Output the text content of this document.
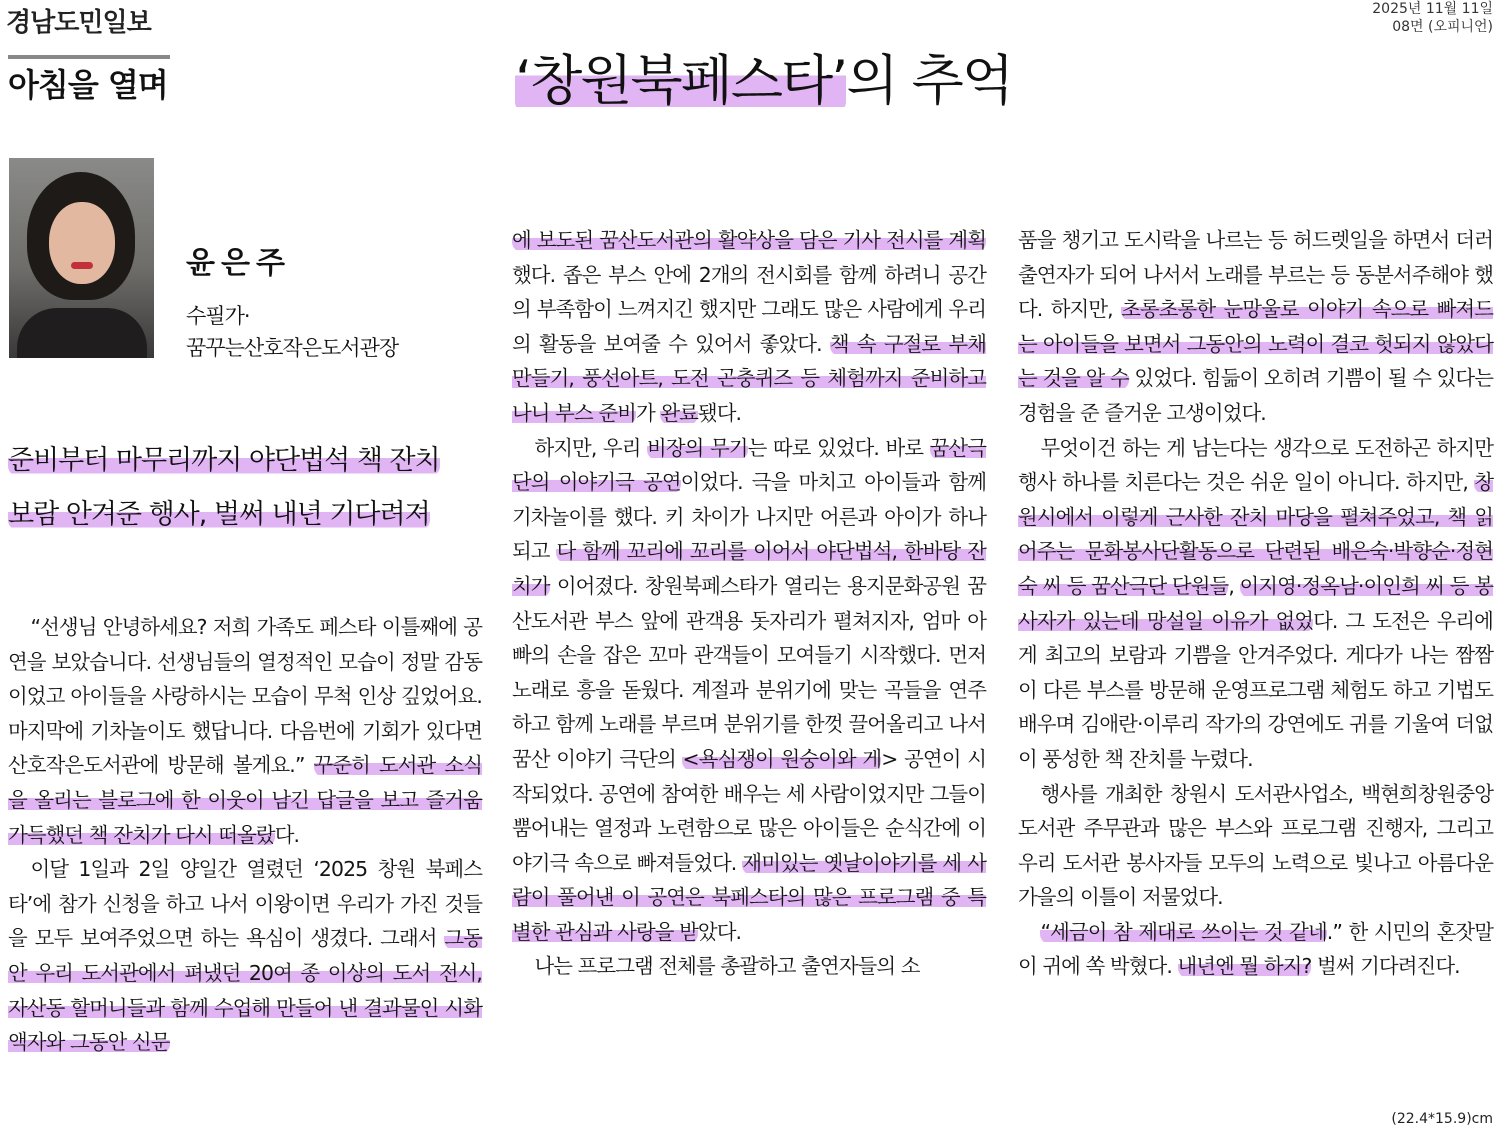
경남도민일보	2025년 11월 11일
08면 (오피니언)
아침을 열며	‘창원북페스타’의 추억
윤은주
수필가·
꿈꾸는산호작은도서관장
준비부터 마무리까지 야단법석 책 잔치
보람 안겨준 행사, 벌써 내년 기다려져

“선생님 안녕하세요? 저희 가족도 페스타 이틀째에 공연을 보았습니다. 선생님들의 열정적인 모습이 정말 감동이었고 아이들을 사랑하시는 모습이 무척 인상 깊었어요. 마지막에 기차놀이도 했답니다. 다음번에 기회가 있다면 산호작은도서관에 방문해 볼게요.” 꾸준히 도서관 소식을 올리는 블로그에 한 이웃이 남긴 답글을 보고 즐거움가득했던 책 잔치가 다시 떠올랐다.

이달 1일과 2일 양일간 열렸던 ‘2025 창원 북페스타’에 참가 신청을 하고 나서 이왕이면 우리가 가진 것들을 모두 보여주었으면 하는 욕심이 생겼다. 그래서 그동안 우리 도서관에서 펴냈던 20여 종 이상의 도서 전시, 자산동 할머니들과 함께 수업해 만들어 낸 결과물인 시화 액자와 그동안 신문

에 보도된 꿈산도서관의 활약상을 담은 기사 전시를 계획했다. 좁은 부스 안에 2개의 전시회를 함께 하려니 공간의 부족함이 느껴지긴 했지만 그래도 많은 사람에게 우리의 활동을 보여줄 수 있어서 좋았다. 책 속 구절로 부채 만들기, 풍선아트, 도전 곤충퀴즈 등 체험까지 준비하고 나니 부스 준비가 완료됐다.

하지만, 우리 비장의 무기는 따로 있었다. 바로 꿈산극단의 이야기극 공연이었다. 극을 마치고 아이들과 함께 기차놀이를 했다. 키 차이가 나지만 어른과 아이가 하나 되고 다 함께 꼬리에 꼬리를 이어서 야단법석, 한바탕 잔치가 이어졌다. 창원북페스타가 열리는 용지문화공원 꿈산도서관 부스 앞에 관객용 돗자리가 펼쳐지자, 엄마 아빠의 손을 잡은 꼬마 관객들이 모여들기 시작했다. 먼저 노래로 흥을 돋웠다. 계절과 분위기에 맞는 곡들을 연주하고 함께 노래를 부르며 분위기를 한껏 끌어올리고 나서 꿈산 이야기 극단의 <욕심쟁이 원숭이와 게> 공연이 시작되었다. 공연에 참여한 배우는 세 사람이었지만 그들이 뿜어내는 열정과 노련함으로 많은 아이들은 순식간에 이야기극 속으로 빠져들었다. 재미있는 옛날이야기를 세 사람이 풀어낸 이 공연은 북페스타의 많은 프로그램 중 특별한 관심과 사랑을 받았다.

나는 프로그램 전체를 총괄하고 출연자들의 소

품을 챙기고 도시락을 나르는 등 허드렛일을 하면서 더러 출연자가 되어 나서서 노래를 부르는 등 동분서주해야 했다. 하지만, 초롱초롱한 눈망울로 이야기 속으로 빠져드는 아이들을 보면서 그동안의 노력이 결코 헛되지 않았다는 것을 알 수 있었다. 힘듦이 오히려 기쁨이 될 수 있다는 경험을 준 즐거운 고생이었다.

무엇이건 하는 게 남는다는 생각으로 도전하곤 하지만 행사 하나를 치른다는 것은 쉬운 일이 아니다. 하지만, 창원시에서 이렇게 근사한 잔치 마당을 펼쳐주었고, 책 읽어주는 문화봉사단활동으로 단련된 배은숙·박향순·정현숙 씨 등 꿈산극단 단원들, 이지영·정옥남·이인희 씨 등 봉사자가 있는데 망설일 이유가 없었다. 그 도전은 우리에게 최고의 보람과 기쁨을 안겨주었다. 게다가 나는 짬짬이 다른 부스를 방문해 운영프로그램 체험도 하고 기법도 배우며 김애란·이루리 작가의 강연에도 귀를 기울여 더없이 풍성한 책 잔치를 누렸다.

행사를 개최한 창원시 도서관사업소, 백현희창원중앙도서관 주무관과 많은 부스와 프로그램 진행자, 그리고 우리 도서관 봉사자들 모두의 노력으로 빛나고 아름다운 가을의 이틀이 저물었다.

“세금이 참 제대로 쓰이는 것 같네.” 한 시민의 혼잣말이 귀에 쏙 박혔다. 내년엔 뭘 하지? 벌써 기다려진다.

(22.4*15.9)cm
